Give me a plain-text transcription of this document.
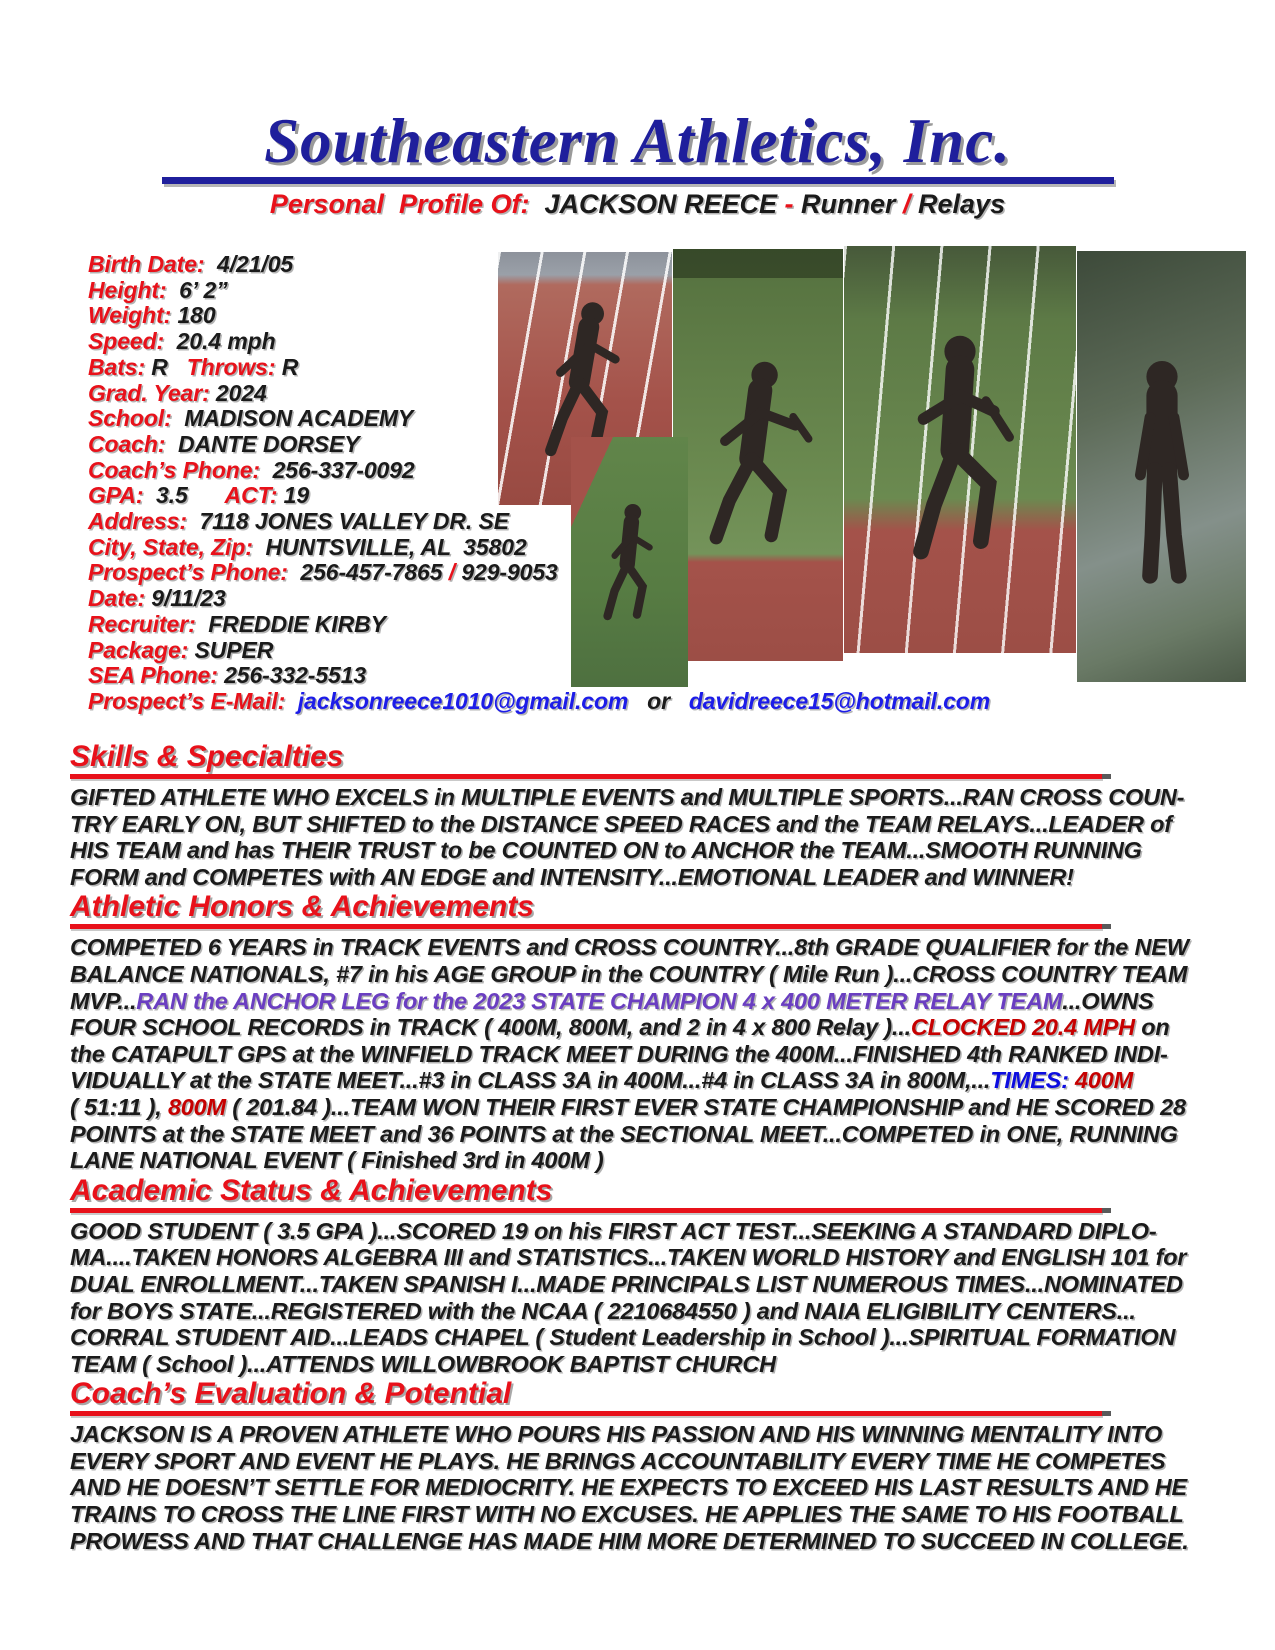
Southeastern Athletics, Inc.
Personal  Profile Of:  JACKSON REECE - Runner / Relays
Birth Date:  4/21/05
Height:  6’ 2”
Weight: 180
Speed:  20.4 mph
Bats: R   Throws: R
Grad. Year: 2024
School:  MADISON ACADEMY
Coach:  DANTE DORSEY
Coach’s Phone:  256-337-0092
GPA:  3.5      ACT: 19
Address:  7118 JONES VALLEY DR. SE
City, State, Zip:  HUNTSVILLE, AL  35802
Prospect’s Phone:  256-457-7865 / 929-9053
Date: 9/11/23
Recruiter:  FREDDIE KIRBY
Package: SUPER
SEA Phone: 256-332-5513
Prospect’s E-Mail: jacksonreece1010@gmail.com   or   davidreece15@hotmail.com
Skills & Specialties
GIFTED ATHLETE WHO EXCELS in MULTIPLE EVENTS and MULTIPLE SPORTS...RAN CROSS COUN-
TRY EARLY ON, BUT SHIFTED to the DISTANCE SPEED RACES and the TEAM RELAYS...LEADER of
HIS TEAM and has THEIR TRUST to be COUNTED ON to ANCHOR the TEAM...SMOOTH RUNNING
FORM and COMPETES with AN EDGE and INTENSITY...EMOTIONAL LEADER and WINNER!
Athletic Honors & Achievements
COMPETED 6 YEARS in TRACK EVENTS and CROSS COUNTRY...8th GRADE QUALIFIER for the NEW
BALANCE NATIONALS, #7 in his AGE GROUP in the COUNTRY ( Mile Run )...CROSS COUNTRY TEAM
MVP...RAN the ANCHOR LEG for the 2023 STATE CHAMPION 4 x 400 METER RELAY TEAM...OWNS
FOUR SCHOOL RECORDS in TRACK ( 400M, 800M, and 2 in 4 x 800 Relay )...CLOCKED 20.4 MPH on
the CATAPULT GPS at the WINFIELD TRACK MEET DURING the 400M...FINISHED 4th RANKED INDI-
VIDUALLY at the STATE MEET...#3 in CLASS 3A in 400M...#4 in CLASS 3A in 800M,...TIMES: 400M
( 51:11 ), 800M ( 201.84 )...TEAM WON THEIR FIRST EVER STATE CHAMPIONSHIP and HE SCORED 28
POINTS at the STATE MEET and 36 POINTS at the SECTIONAL MEET...COMPETED in ONE, RUNNING
LANE NATIONAL EVENT ( Finished 3rd in 400M )
Academic Status & Achievements
GOOD STUDENT ( 3.5 GPA )...SCORED 19 on his FIRST ACT TEST...SEEKING A STANDARD DIPLO-
MA....TAKEN HONORS ALGEBRA III and STATISTICS...TAKEN WORLD HISTORY and ENGLISH 101 for
DUAL ENROLLMENT...TAKEN SPANISH I...MADE PRINCIPALS LIST NUMEROUS TIMES...NOMINATED
for BOYS STATE...REGISTERED with the NCAA ( 2210684550 ) and NAIA ELIGIBILITY CENTERS...
CORRAL STUDENT AID...LEADS CHAPEL ( Student Leadership in School )...SPIRITUAL FORMATION
TEAM ( School )...ATTENDS WILLOWBROOK BAPTIST CHURCH
Coach’s Evaluation & Potential
JACKSON IS A PROVEN ATHLETE WHO POURS HIS PASSION AND HIS WINNING MENTALITY INTO
EVERY SPORT AND EVENT HE PLAYS. HE BRINGS ACCOUNTABILITY EVERY TIME HE COMPETES
AND HE DOESN’T SETTLE FOR MEDIOCRITY. HE EXPECTS TO EXCEED HIS LAST RESULTS AND HE
TRAINS TO CROSS THE LINE FIRST WITH NO EXCUSES. HE APPLIES THE SAME TO HIS FOOTBALL
PROWESS AND THAT CHALLENGE HAS MADE HIM MORE DETERMINED TO SUCCEED IN COLLEGE.
